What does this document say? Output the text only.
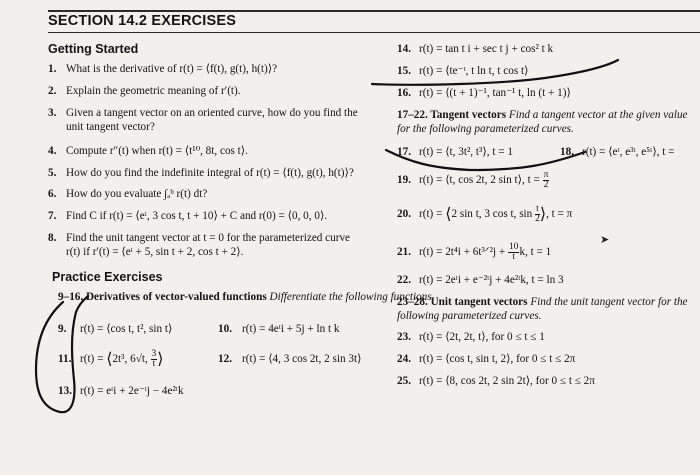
SECTION 14.2 EXERCISES
Getting Started
1. What is the derivative of r(t) = ⟨f(t), g(t), h(t)⟩?
2. Explain the geometric meaning of r′(t).
3. Given a tangent vector on an oriented curve, how do you find the
unit tangent vector?
4. Compute r″(t) when r(t) = ⟨t¹⁰, 8t, cos t⟩.
5. How do you find the indefinite integral of r(t) = ⟨f(t), g(t), h(t)⟩?
6. How do you evaluate ∫ₐᵇ r(t) dt?
7. Find C if r(t) = ⟨eᵗ, 3 cos t, t + 10⟩ + C and r(0) = ⟨0, 0, 0⟩.
8. Find the unit tangent vector at t = 0 for the parameterized curve
r(t) if r′(t) = ⟨eᵗ + 5, sin t + 2, cos t + 2⟩.
Practice Exercises
9–16. Derivatives of vector-valued functions Differentiate the following functions.
9. r(t) = ⟨cos t, t², sin t⟩	10. r(t) = 4eᵗi + 5j + ln t k
11. r(t) = ⟨2t³, 6√t, $\frac{3}{t}$ ⟩	12. r(t) = ⟨4, 3 cos 2t, 2 sin 3t⟩
13. r(t) = eᵗi + 2e⁻ᵗj − 4e²ᵗk
14. r(t) = tan t i + sec t j + cos² t k
15. r(t) = ⟨te⁻ᵗ, t ln t, t cos t⟩
16. r(t) = ⟨(t + 1)⁻¹, tan⁻¹ t, ln (t + 1)⟩
17–22. Tangent vectors Find a tangent vector at the given value
for the following parameterized curves.
17. r(t) = ⟨t, 3t², t³⟩, t = 1	18. r(t) = ⟨eᵗ, e³ᵗ, e⁵ᵗ⟩, t =
19. r(t) = ⟨t, cos 2t, 2 sin t⟩, $t = \frac{\pi}{2}$
20. r(t) = ⟨2 sin t, 3 cos t, $\sin \frac{t}{2}$ ⟩, t = π
21. r(t) = 2t⁴i + 6t³ᐟ²j + $\frac{10}{t} k$, t = 1
22. r(t) = 2eᵗi + e⁻²ᵗj + 4e²ᵗk, t = ln 3
23–28. Unit tangent vectors Find the unit tangent vector for the
following parameterized curves.
23. r(t) = ⟨2t, 2t, t⟩, for 0 ≤ t ≤ 1
24. r(t) = ⟨cos t, sin t, 2⟩, for 0 ≤ t ≤ 2π
25. r(t) = ⟨8, cos 2t, 2 sin 2t⟩, for 0 ≤ t ≤ 2π
➤
